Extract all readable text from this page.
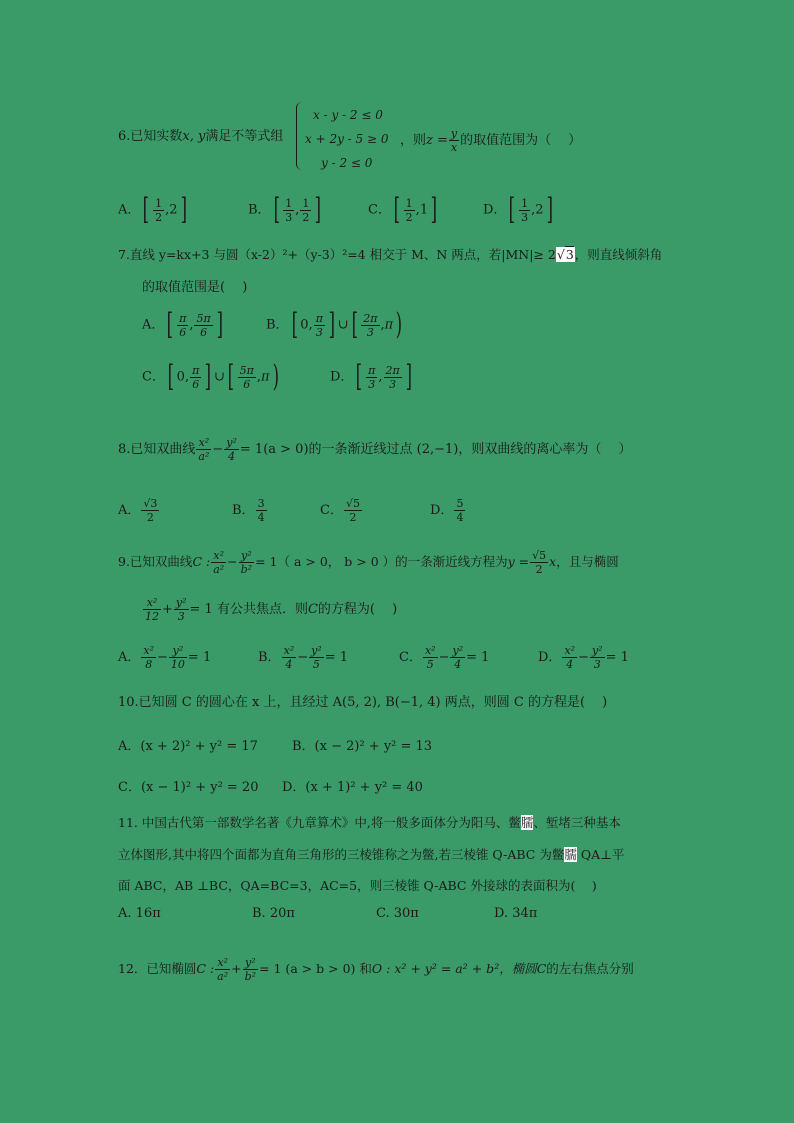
6.已知实数x, y满足不等式组
x - y - 2 ≤ 0
x + 2y - 5 ≥ 0
y - 2 ≤ 0
，则$z = \frac{y}{x}$ 的取值范围为（　 ）
A．[ $\frac{1}{2} ,2$]	B．[ $\frac{1}{3}$ , $\frac{1}{2}$ ]	C．[ $\frac{1}{2} ,1$]	D．[ $\frac{1}{3} ,2$]
7.直线 y=kx+3 与圆（x-2）²+（y-3）²=4 相交于 M、N 两点，若|MN|≥ 2√3，则直线倾斜角
的取值范围是(　 )
A．[ $\frac{\pi}{6}$ , $\frac{5\pi}{6}$ ]	B．[ 0, $\frac{\pi}{3}$ ] ∪[ $\frac{2\pi}{3} ,\pi$)
C．[ 0, $\frac{\pi}{6}$ ] ∪[ $\frac{5\pi}{6} ,\pi$)	D．[ $\frac{\pi}{3}$ , $\frac{2\pi}{3}$ ]
8.已知双曲线 $\frac{\text{x²}}{\text{a²}} - \frac{\text{y²}}{4} = 1(a > 0)$的一条渐近线过点 (2,−1)，则双曲线的离心率为（　 ）
A． $\frac{√3}{2}$	B． $\frac{3}{4}$	C． $\frac{√5}{2}$	D． $\frac{5}{4}$
9.已知双曲线C : $\frac{\text{x²}}{\text{a²}} - \frac{\text{y²}}{\text{b²}} = 1$（ a > 0， b > 0 ）的一条渐近线方程为$y = \frac{√5}{2}$ x，且与椭圆
$\frac{\text{x²}}{12} + \frac{\text{y²}}{3} = 1$ 有公共焦点．则C的方程为(　 )
A． $\frac{\text{x²}}{8} - \frac{\text{y²}}{10} = 1$	B． $\frac{\text{x²}}{4} - \frac{\text{y²}}{5} = 1$	C． $\frac{\text{x²}}{5} - \frac{\text{y²}}{4} = 1$	D． $\frac{\text{x²}}{4} - \frac{\text{y²}}{3} = 1$
10.已知圆 C 的圆心在 x 上，且经过 A(5, 2), B(−1, 4) 两点，则圆 C 的方程是(　 )
A．(x + 2)² + y² = 17	B．(x − 2)² + y² = 13
C．(x − 1)² + y² = 20 D．(x + 1)² + y² = 40
11. 中国古代第一部数学名著《九章算术》中,将一般多面体分为阳马、鳖臑、堑堵三种基本
立体图形,其中将四个面都为直角三角形的三棱锥称之为鳖,若三棱锥 Q-ABC 为鳖臑 QA⊥平
面 ABC，AB ⊥BC，QA=BC=3，AC=5，则三棱锥 Q-ABC 外接球的表面积为(　 )
A. 16π	B. 20π	C. 30π	D. 34π
12．已知椭圆C : $\frac{\text{x²}}{\text{a²}} + \frac{\text{y²}}{\text{b²}} = 1$ (a > b > 0) 和O : x² + y² = a² + b²，椭圆C的左右焦点分别
